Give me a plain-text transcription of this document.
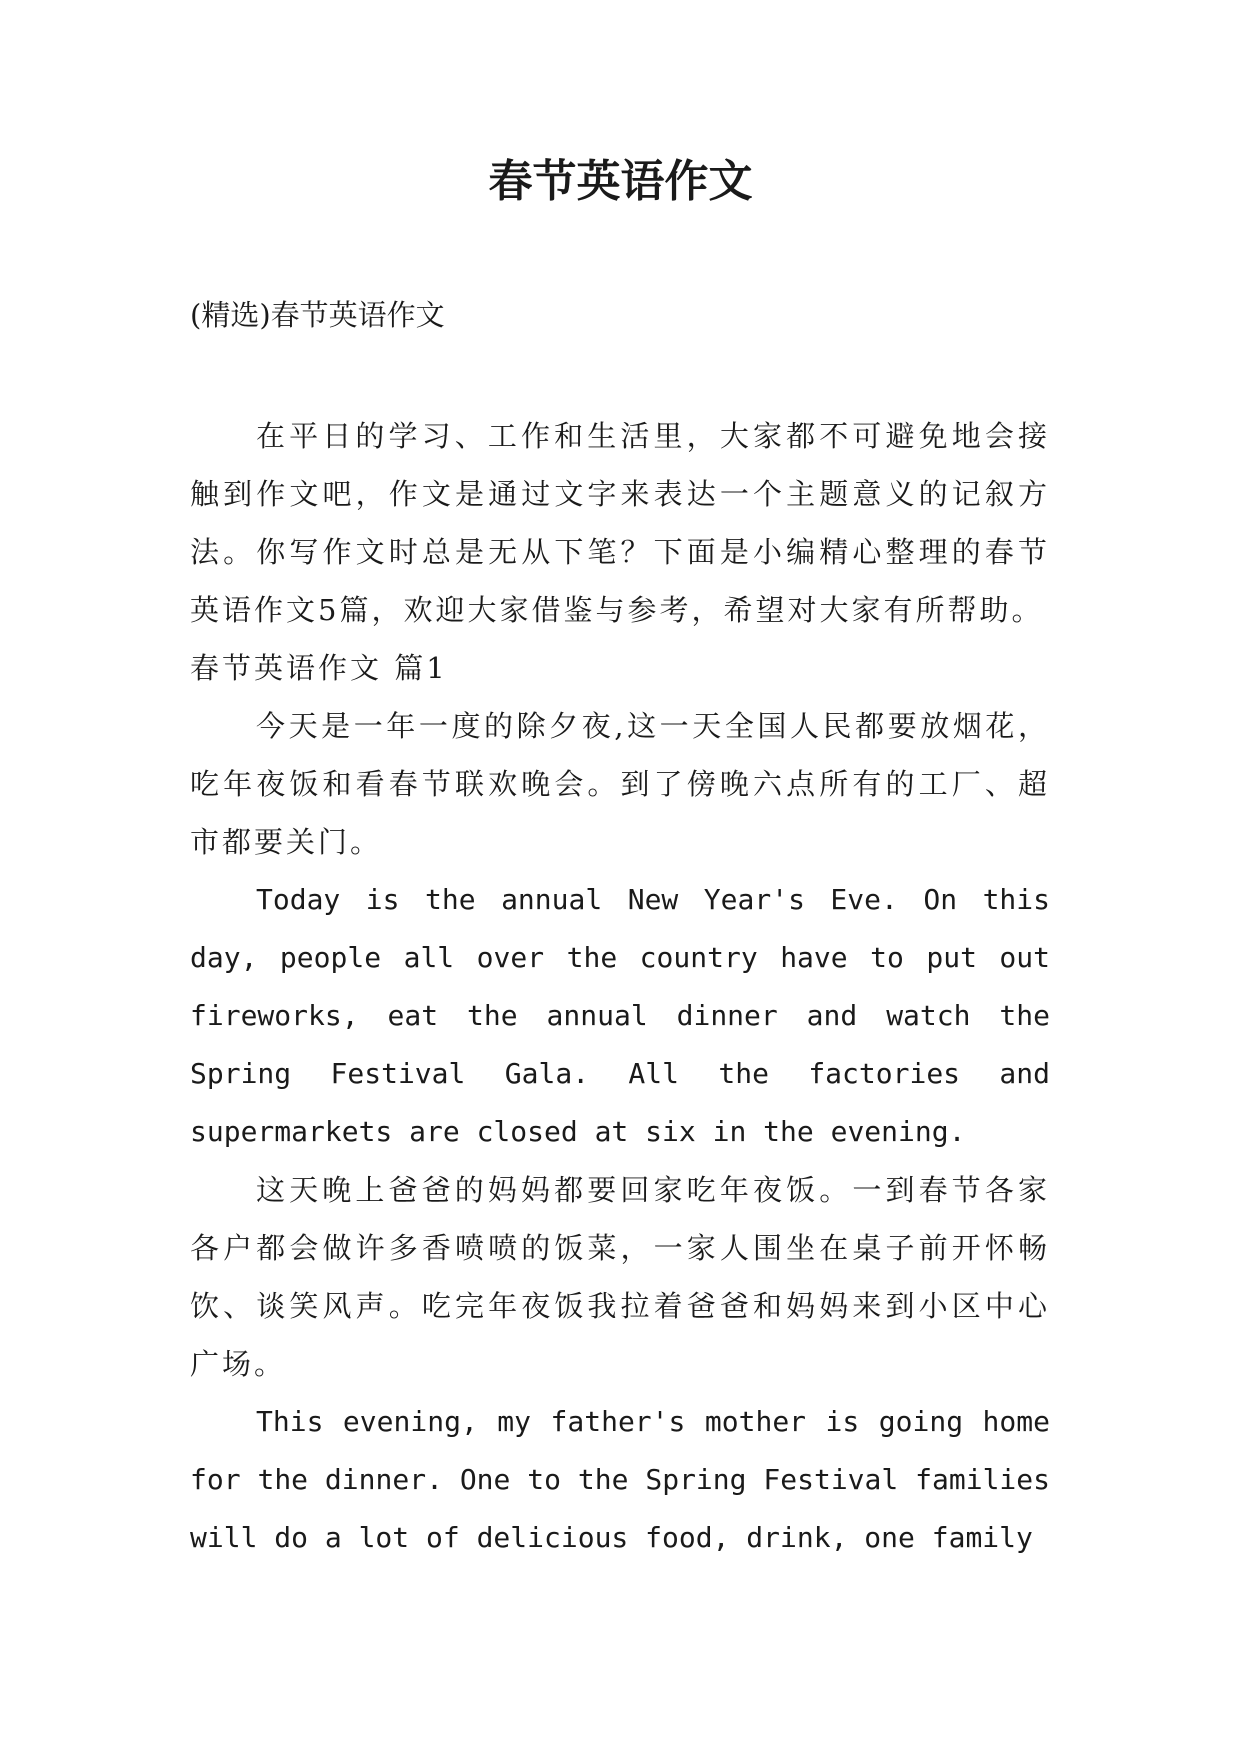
春节英语作文

(精选)春节英语作文

在平日的学习、工作和生活里，大家都不可避免地会接触到作文吧，作文是通过文字来表达一个主题意义的记叙方法。你写作文时总是无从下笔？下面是小编精心整理的春节英语作文5篇，欢迎大家借鉴与参考，希望对大家有所帮助。

春节英语作文 篇1

今天是一年一度的除夕夜,这一天全国人民都要放烟花，吃年夜饭和看春节联欢晚会。到了傍晚六点所有的工厂、超市都要关门。

Today is the annual New Year's Eve. On this day, people all over the country have to put out fireworks, eat the annual dinner and watch the Spring Festival Gala. All the factories and supermarkets are closed at six in the evening.

这天晚上爸爸的妈妈都要回家吃年夜饭。一到春节各家各户都会做许多香喷喷的饭菜，一家人围坐在桌子前开怀畅饮、谈笑风声。吃完年夜饭我拉着爸爸和妈妈来到小区中心广场。

This evening, my father's mother is going home for the dinner. One to the Spring Festival families will do a lot of delicious food, drink, one family
